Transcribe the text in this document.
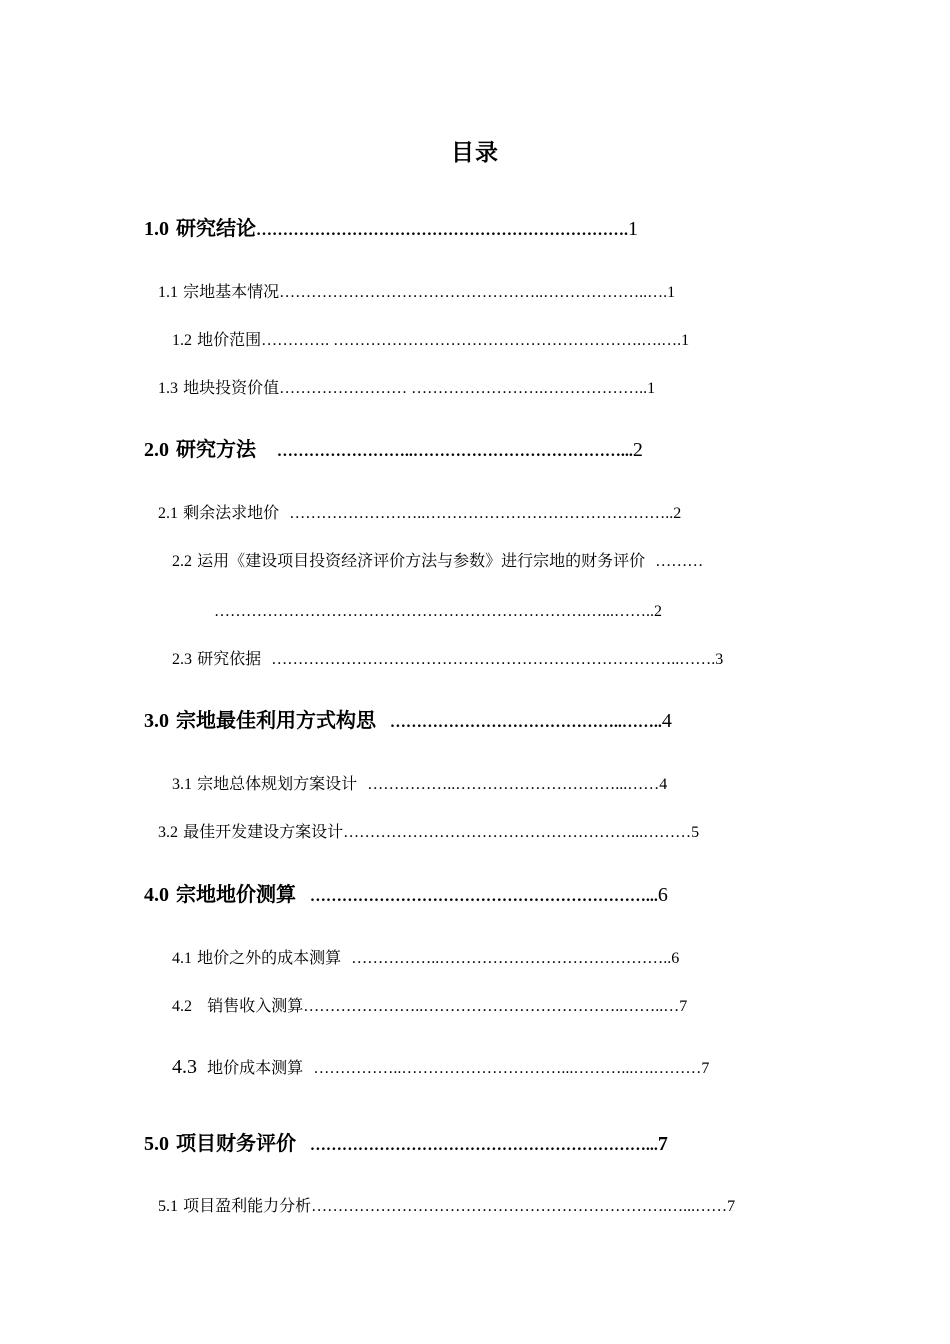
目录
1.0 研究结论…………………………………………………………….1
1.1 宗地基本情况…………………………………………..………………..….1
1.2 地价范围…………. ………………………………………………….….….1
1.3 地块投资价值…………………… …………………….………………..1
2.0 研究方法 ……………………..…………………………………...2
2.1 剩余法求地价 ……………………..………………………………………..2
2.2 运用《建设项目投资经济评价方法与参数》进行宗地的财务评价 ………
…………………………………………………………….…...……..2
2.3 研究依据 …………………………………………………………………..…….3
3.0 宗地最佳利用方式构思 ……………………………………..……..4
3.1 宗地总体规划方案设计 ……………..…………………………...……4
3.2 最佳开发建设方案设计………………………………………………...………5
4.0 宗地地价测算 ………………………………………………………...6
4.1 地价之外的成本测算 ……………..……………………………………..6
4.2 销售收入测算…………………..………………………………..……..…7
4.3 地价成本测算 ……………..…………………………...………...….………7
5.0 项目财务评价 ………………………………………………………...7
5.1 项目盈利能力分析………………………………………………………….…...……7
